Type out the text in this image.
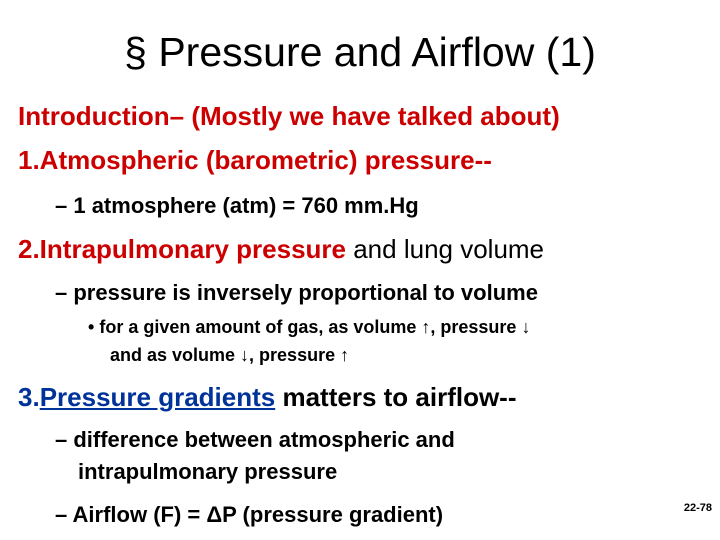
§ Pressure and Airflow (1)
Introduction– (Mostly we have talked about)
1.Atmospheric (barometric) pressure--
– 1 atmosphere (atm) = 760 mm.Hg
2.Intrapulmonary pressure and lung volume
– pressure is inversely proportional to volume
• for a given amount of gas, as volume ↑, pressure ↓
and as volume ↓, pressure ↑
3.Pressure gradients matters to airflow--
– difference between atmospheric and
intrapulmonary pressure
– Airflow (F) = ΔP (pressure gradient)	22-78
